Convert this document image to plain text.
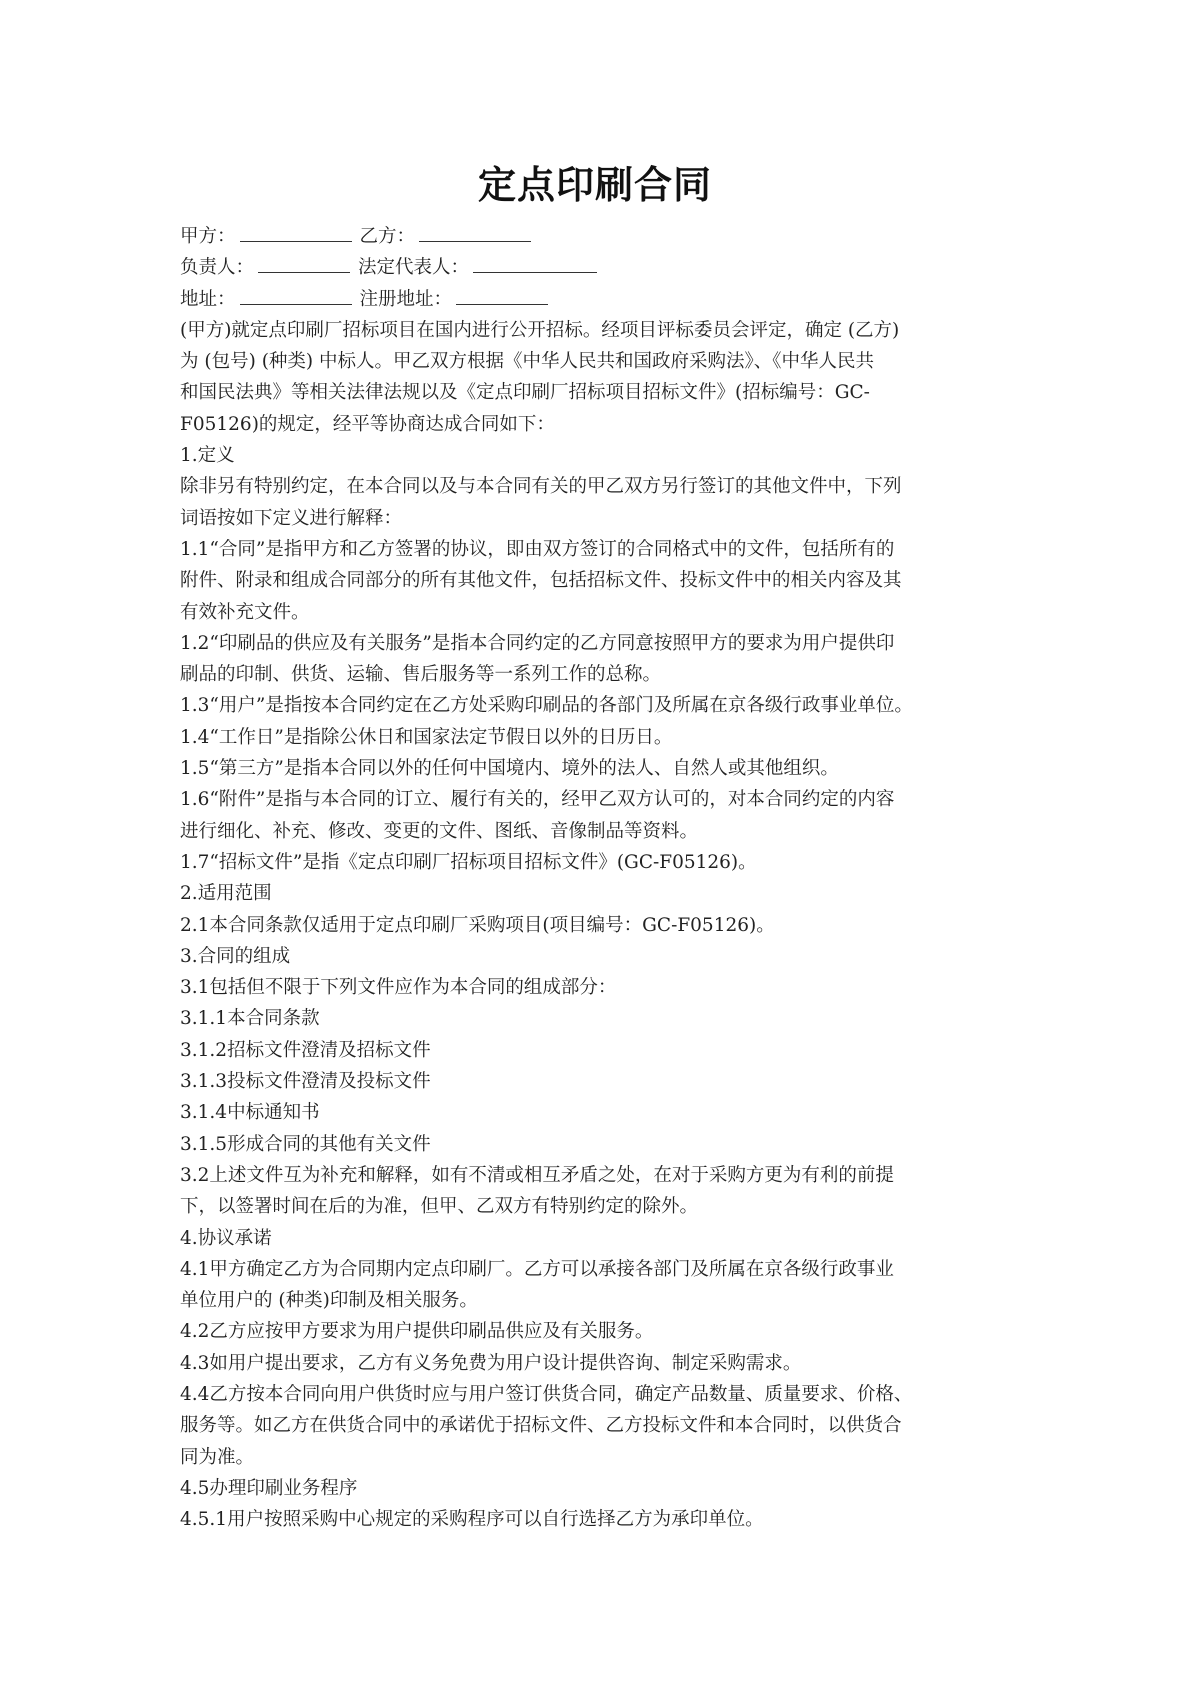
定点印刷合同
甲方：	乙方：
负责人：	法定代表人：
地址：	注册地址：
(甲方)就定点印刷厂招标项目在国内进行公开招标。经项目评标委员会评定，确定 (乙方)
为 (包号) (种类) 中标人。甲乙双方根据《中华人民共和国政府采购法》、《中华人民共
和国民法典》等相关法律法规以及《定点印刷厂招标项目招标文件》(招标编号：GC-
F05126)的规定，经平等协商达成合同如下：
1.定义
除非另有特别约定，在本合同以及与本合同有关的甲乙双方另行签订的其他文件中，下列
词语按如下定义进行解释：
1.1“合同”是指甲方和乙方签署的协议，即由双方签订的合同格式中的文件，包括所有的
附件、附录和组成合同部分的所有其他文件，包括招标文件、投标文件中的相关内容及其
有效补充文件。
1.2“印刷品的供应及有关服务”是指本合同约定的乙方同意按照甲方的要求为用户提供印
刷品的印制、供货、运输、售后服务等一系列工作的总称。
1.3“用户”是指按本合同约定在乙方处采购印刷品的各部门及所属在京各级行政事业单位。
1.4“工作日”是指除公休日和国家法定节假日以外的日历日。
1.5“第三方”是指本合同以外的任何中国境内、境外的法人、自然人或其他组织。
1.6“附件”是指与本合同的订立、履行有关的，经甲乙双方认可的，对本合同约定的内容
进行细化、补充、修改、变更的文件、图纸、音像制品等资料。
1.7“招标文件”是指《定点印刷厂招标项目招标文件》(GC-F05126)。
2.适用范围
2.1本合同条款仅适用于定点印刷厂采购项目(项目编号：GC-F05126)。
3.合同的组成
3.1包括但不限于下列文件应作为本合同的组成部分：
3.1.1本合同条款
3.1.2招标文件澄清及招标文件
3.1.3投标文件澄清及投标文件
3.1.4中标通知书
3.1.5形成合同的其他有关文件
3.2上述文件互为补充和解释，如有不清或相互矛盾之处，在对于采购方更为有利的前提
下，以签署时间在后的为准，但甲、乙双方有特别约定的除外。
4.协议承诺
4.1甲方确定乙方为合同期内定点印刷厂。乙方可以承接各部门及所属在京各级行政事业
单位用户的 (种类)印制及相关服务。
4.2乙方应按甲方要求为用户提供印刷品供应及有关服务。
4.3如用户提出要求，乙方有义务免费为用户设计提供咨询、制定采购需求。
4.4乙方按本合同向用户供货时应与用户签订供货合同，确定产品数量、质量要求、价格、
服务等。如乙方在供货合同中的承诺优于招标文件、乙方投标文件和本合同时，以供货合
同为准。
4.5办理印刷业务程序
4.5.1用户按照采购中心规定的采购程序可以自行选择乙方为承印单位。
